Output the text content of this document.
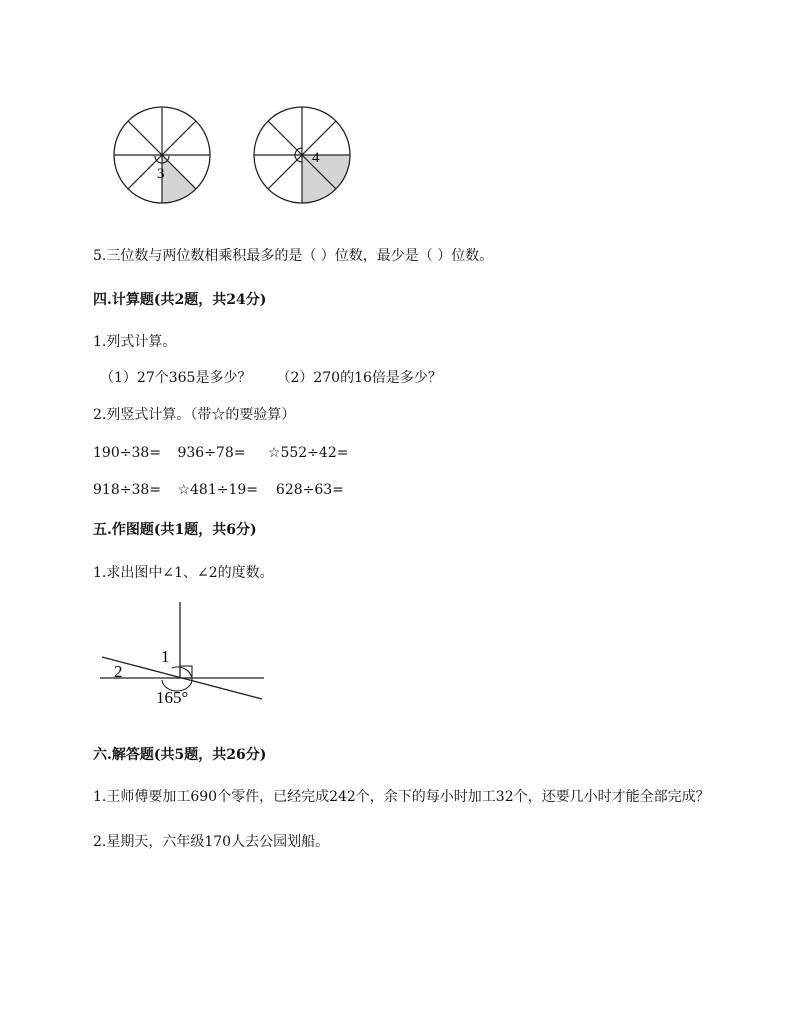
3
4
5.三位数与两位数相乘积最多的是（ ）位数，最少是（ ）位数。
四.计算题(共2题，共24分)
1.列式计算。
（1）27个365是多少？ （2）270的16倍是多少？
2.列竖式计算。（带☆的要验算）
190÷38= 936÷78= ☆552÷42=
918÷38= ☆481÷19= 628÷63=
五.作图题(共1题，共6分)
1.求出图中∠1、∠2的度数。
1
2
165°
六.解答题(共5题，共26分)
1.王师傅要加工690个零件，已经完成242个，余下的每小时加工32个，还要几小时才能全部完成？
2.星期天，六年级170人去公园划船。
